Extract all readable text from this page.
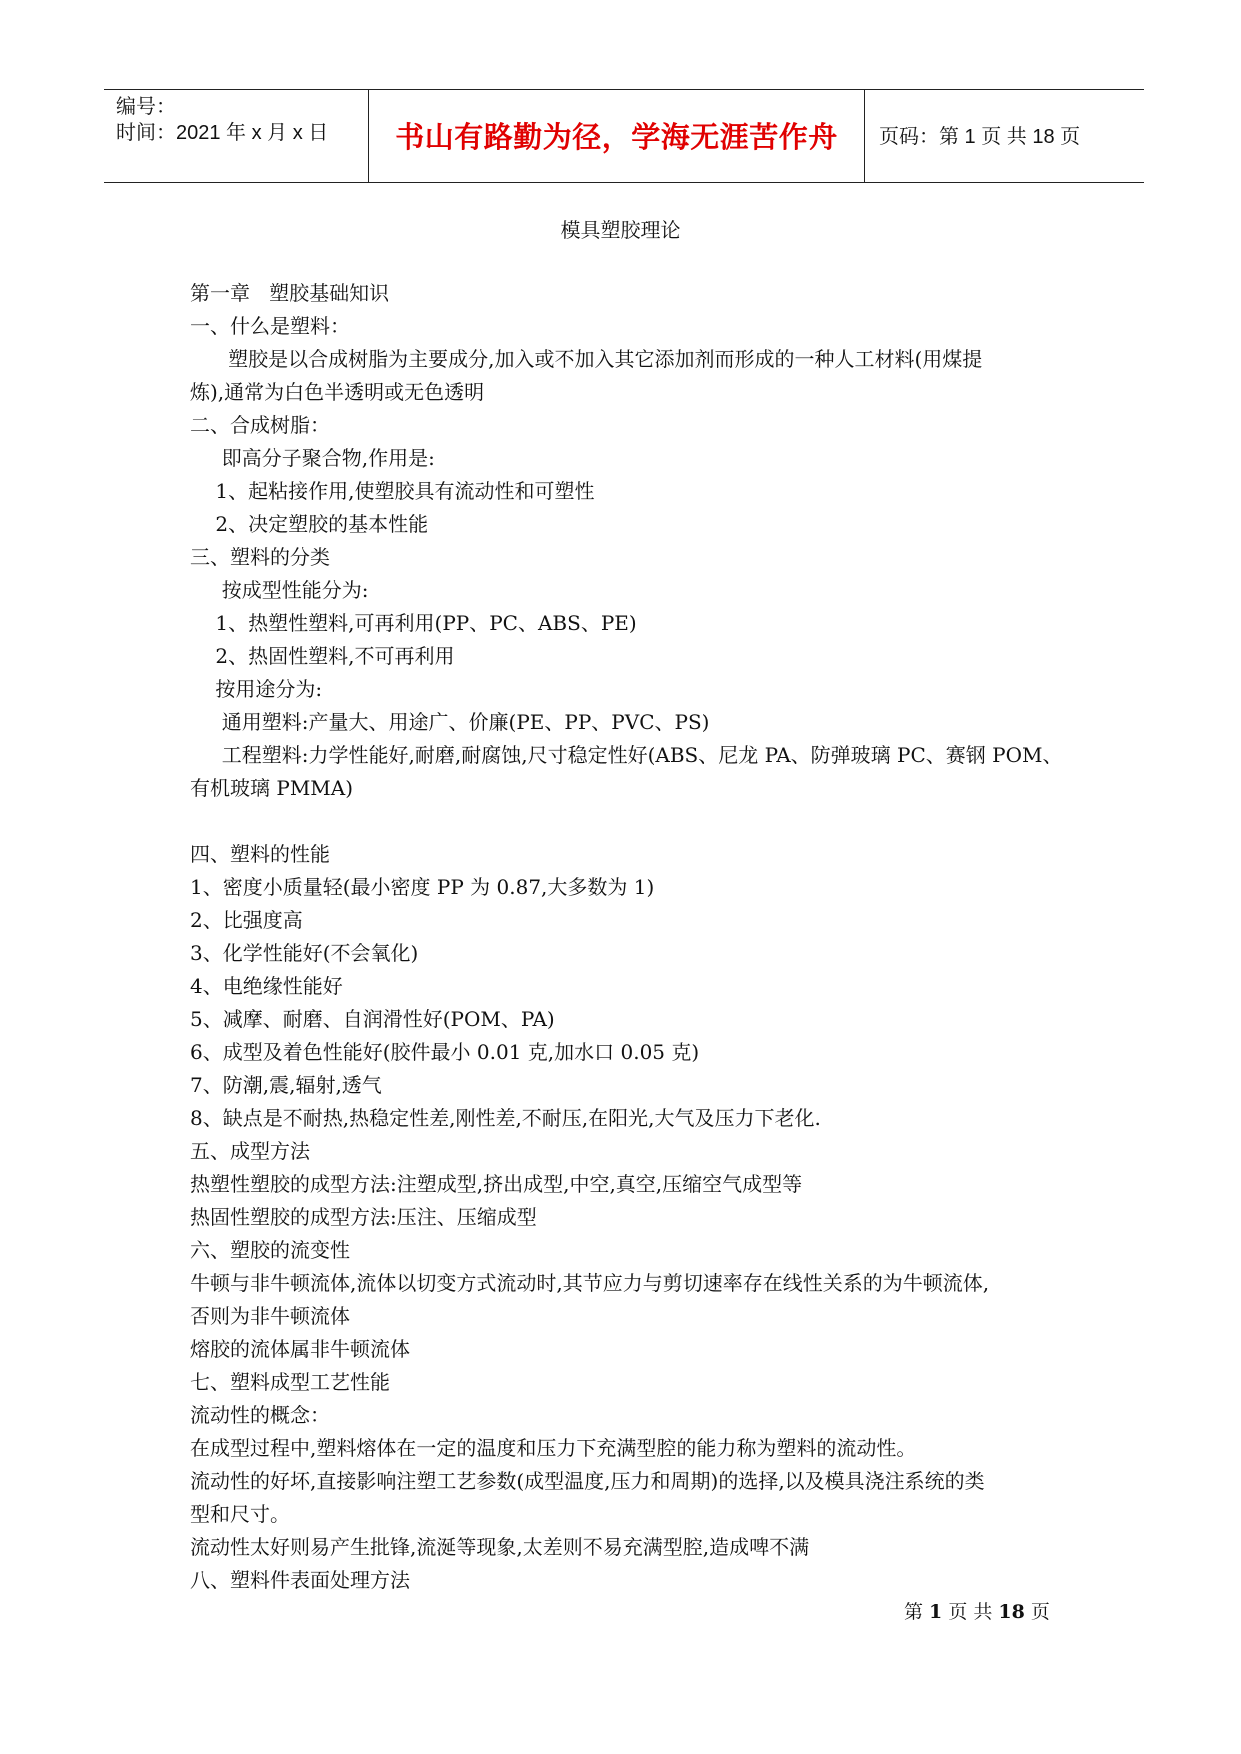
编号：
时间：2021 年 x 月 x 日	书山有路勤为径，学海无涯苦作舟	页码：第 1 页 共 18 页
模具塑胶理论
第一章   塑胶基础知识
一、什么是塑料：
塑胶是以合成树脂为主要成分,加入或不加入其它添加剂而形成的一种人工材料(用煤提
炼),通常为白色半透明或无色透明
二、合成树脂：
即高分子聚合物,作用是:
1、起粘接作用,使塑胶具有流动性和可塑性
2、决定塑胶的基本性能
三、塑料的分类
按成型性能分为:
1、热塑性塑料,可再利用(PP、PC、ABS、PE)
2、热固性塑料,不可再利用
按用途分为:
通用塑料:产量大、用途广、价廉(PE、PP、PVC、PS)
工程塑料:力学性能好,耐磨,耐腐蚀,尺寸稳定性好(ABS、尼龙 PA、防弹玻璃 PC、赛钢 POM、
有机玻璃 PMMA)
四、塑料的性能
1、密度小质量轻(最小密度 PP 为 0.87,大多数为 1)
2、比强度高
3、化学性能好(不会氧化)
4、电绝缘性能好
5、减摩、耐磨、自润滑性好(POM、PA)
6、成型及着色性能好(胶件最小 0.01 克,加水口 0.05 克)
7、防潮,震,辐射,透气
8、缺点是不耐热,热稳定性差,刚性差,不耐压,在阳光,大气及压力下老化.
五、成型方法
热塑性塑胶的成型方法:注塑成型,挤出成型,中空,真空,压缩空气成型等
热固性塑胶的成型方法:压注、压缩成型
六、塑胶的流变性
牛顿与非牛顿流体,流体以切变方式流动时,其节应力与剪切速率存在线性关系的为牛顿流体,
否则为非牛顿流体
熔胶的流体属非牛顿流体
七、塑料成型工艺性能
流动性的概念：
在成型过程中,塑料熔体在一定的温度和压力下充满型腔的能力称为塑料的流动性。
流动性的好坏,直接影响注塑工艺参数(成型温度,压力和周期)的选择,以及模具浇注系统的类
型和尺寸。
流动性太好则易产生批锋,流涎等现象,太差则不易充满型腔,造成啤不满
八、塑料件表面处理方法
第 1 页 共 18 页
